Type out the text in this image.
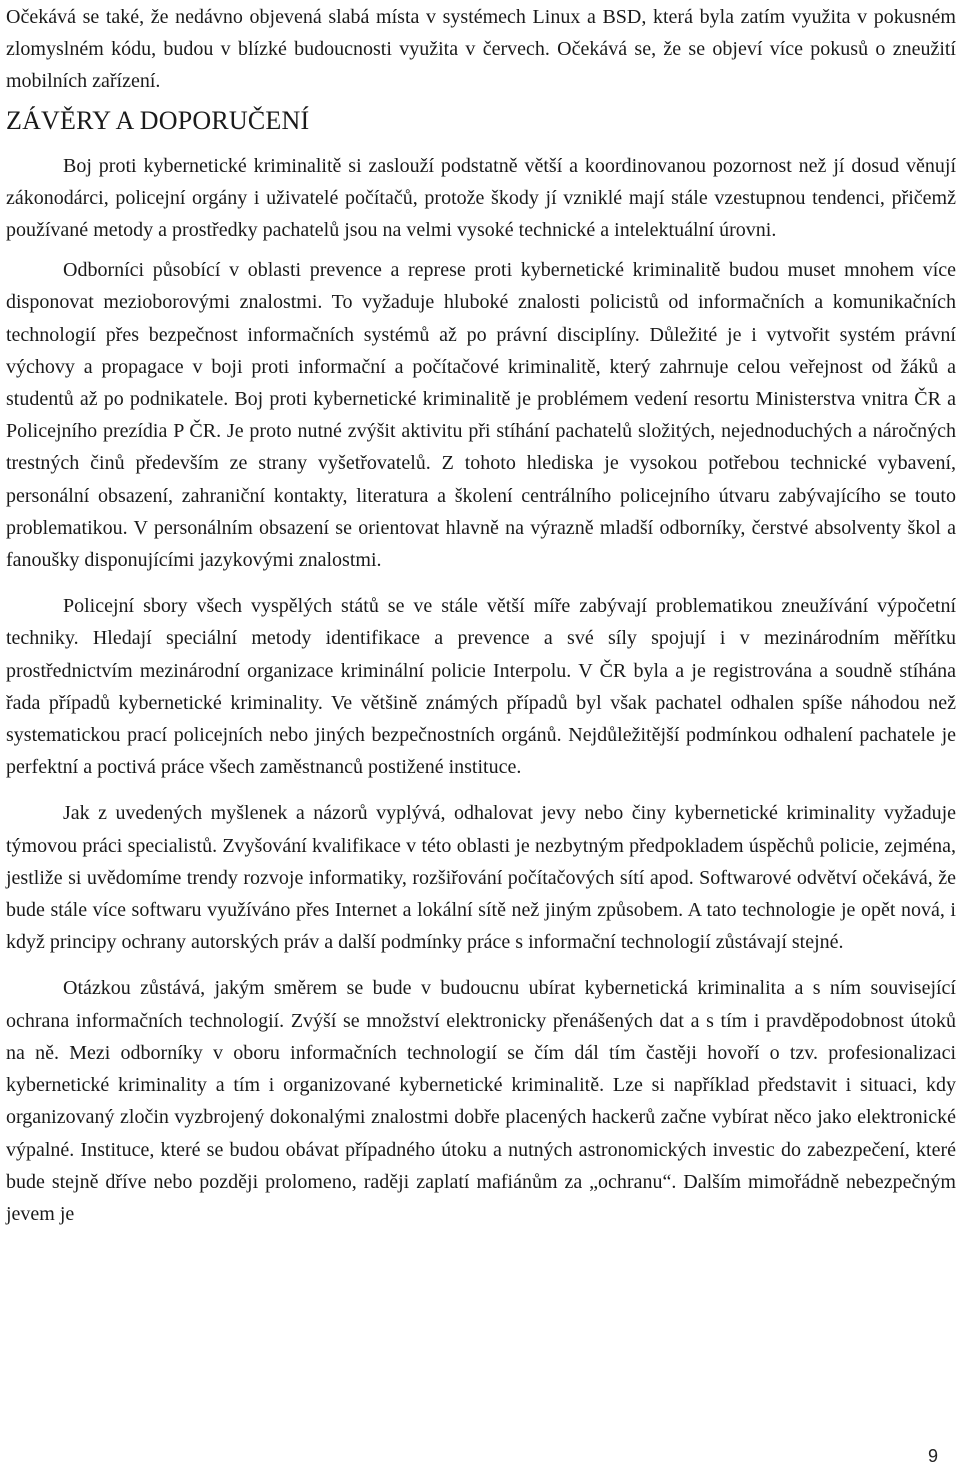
Očekává se také, že nedávno objevená slabá místa v systémech Linux a BSD, která byla zatím využita v pokusném zlomyslném kódu, budou v blízké budoucnosti využita v červech. Očekává se, že se objeví více pokusů o zneužití mobilních zařízení.

ZÁVĚRY A DOPORUČENÍ

Boj proti kybernetické kriminalitě si zaslouží podstatně větší a koordinovanou pozornost než jí dosud věnují zákonodárci, policejní orgány i uživatelé počítačů, protože škody jí vzniklé mají stále vzestupnou tendenci, přičemž používané metody a prostředky pachatelů jsou na velmi vysoké technické a intelektuální úrovni.

Odborníci působící v oblasti prevence a represe proti kybernetické kriminalitě budou muset mnohem více disponovat mezioborovými znalostmi. To vyžaduje hluboké znalosti policistů od informačních a komunikačních technologií přes bezpečnost informačních systémů až po právní disciplíny. Důležité je i vytvořit systém právní výchovy a propagace v boji proti informační a počítačové kriminalitě, který zahrnuje celou veřejnost od žáků a studentů až po podnikatele. Boj proti kybernetické kriminalitě je problémem vedení resortu Ministerstva vnitra ČR a Policejního prezídia P ČR. Je proto nutné zvýšit aktivitu při stíhání pachatelů složitých, nejednoduchých a náročných trestných činů především ze strany vyšetřovatelů. Z tohoto hlediska je vysokou potřebou technické vybavení, personální obsazení, zahraniční kontakty, literatura a školení centrálního policejního útvaru zabývajícího se touto problematikou. V personálním obsazení se orientovat hlavně na výrazně mladší odborníky, čerstvé absolventy škol a fanoušky disponujícími jazykovými znalostmi.

Policejní sbory všech vyspělých států se ve stále větší míře zabývají problematikou zneužívání výpočetní techniky. Hledají speciální metody identifikace a prevence a své síly spojují i v mezinárodním měřítku prostřednictvím mezinárodní organizace kriminální policie Interpolu. V ČR byla a je registrována a soudně stíhána řada případů kybernetické kriminality. Ve většině známých případů byl však pachatel odhalen spíše náhodou než systematickou prací policejních nebo jiných bezpečnostních orgánů. Nejdůležitější podmínkou odhalení pachatele je perfektní a poctivá práce všech zaměstnanců postižené instituce.

Jak z uvedených myšlenek a názorů vyplývá, odhalovat jevy nebo činy kybernetické kriminality vyžaduje týmovou práci specialistů. Zvyšování kvalifikace v této oblasti je nezbytným předpokladem úspěchů policie, zejména, jestliže si uvědomíme trendy rozvoje informatiky, rozšiřování počítačových sítí apod. Softwarové odvětví očekává, že bude stále více softwaru využíváno přes Internet a lokální sítě než jiným způsobem. A tato technologie je opět nová, i když principy ochrany autorských práv a další podmínky práce s informační technologií zůstávají stejné.

Otázkou zůstává, jakým směrem se bude v budoucnu ubírat kybernetická kriminalita a s ním související ochrana informačních technologií. Zvýší se množství elektronicky přenášených dat a s tím i pravděpodobnost útoků na ně. Mezi odborníky v oboru informačních technologií se čím dál tím častěji hovoří o tzv. profesionalizaci kybernetické kriminality a tím i organizované kybernetické kriminalitě. Lze si například představit i situaci, kdy organizovaný zločin vyzbrojený dokonalými znalostmi dobře placených hackerů začne vybírat něco jako elektronické výpalné. Instituce, které se budou obávat případného útoku a nutných astronomických investic do zabezpečení, které bude stejně dříve nebo později prolomeno, raději zaplatí mafiánům za „ochranu“. Dalším mimořádně nebezpečným jevem je

9
